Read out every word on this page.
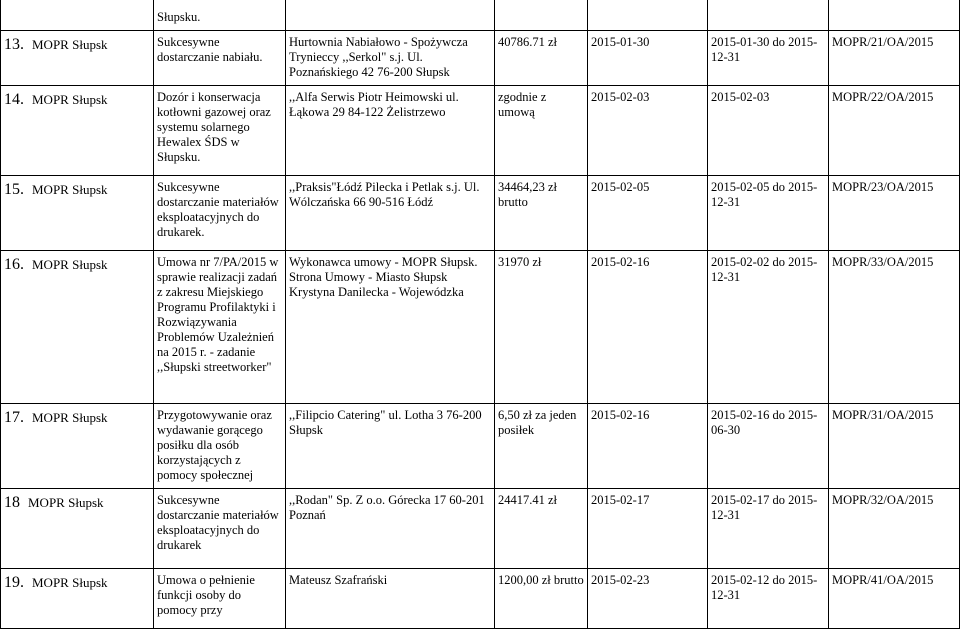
	Słupsku.					
13. MOPR Słupsk	Sukcesywne dostarczanie nabiału.	Hurtownia Nabiałowo - Spożywcza Trynieccy ,,Serkol" s.j. Ul. Poznańskiego 42 76-200 Słupsk	40786.71 zł	2015-01-30	2015-01-30 do 2015-12-31	MOPR/21/OA/2015
14. MOPR Słupsk	Dozór i konserwacja kotłowni gazowej oraz systemu solarnego Hewalex ŚDS w Słupsku.	,,Alfa Serwis Piotr Heimowski ul. Łąkowa 29 84-122 Żelistrzewo	zgodnie z umową	2015-02-03	2015-02-03	MOPR/22/OA/2015
15. MOPR Słupsk	Sukcesywne dostarczanie materiałów eksploatacyjnych do drukarek.	,,Praksis"Łódź Pilecka i Petlak s.j. Ul. Wólczańska 66 90-516 Łódź	34464,23 zł brutto	2015-02-05	2015-02-05 do 2015-12-31	MOPR/23/OA/2015
16. MOPR Słupsk	Umowa nr 7/PA/2015 w sprawie realizacji zadań z zakresu Miejskiego Programu Profilaktyki i Rozwiązywania Problemów Uzależnień na 2015 r. - zadanie ,,Słupski streetworker"	Wykonawca umowy - MOPR Słupsk. Strona Umowy - Miasto Słupsk Krystyna Danilecka - Wojewódzka	31970 zł	2015-02-16	2015-02-02 do 2015-12-31	MOPR/33/OA/2015
17. MOPR Słupsk	Przygotowywanie oraz wydawanie gorącego posiłku dla osób korzystających z pomocy społecznej	,,Filipcio Catering" ul. Lotha 3 76-200 Słupsk	6,50 zł za jeden posiłek	2015-02-16	2015-02-16 do 2015-06-30	MOPR/31/OA/2015
18 MOPR Słupsk	Sukcesywne dostarczanie materiałów eksploatacyjnych do drukarek	,,Rodan" Sp. Z o.o. Górecka 17 60-201 Poznań	24417.41 zł	2015-02-17	2015-02-17 do 2015-12-31	MOPR/32/OA/2015
19. MOPR Słupsk	Umowa o pełnienie funkcji osoby do pomocy przy	Mateusz Szafrański	1200,00 zł brutto	2015-02-23	2015-02-12 do 2015-12-31	MOPR/41/OA/2015
